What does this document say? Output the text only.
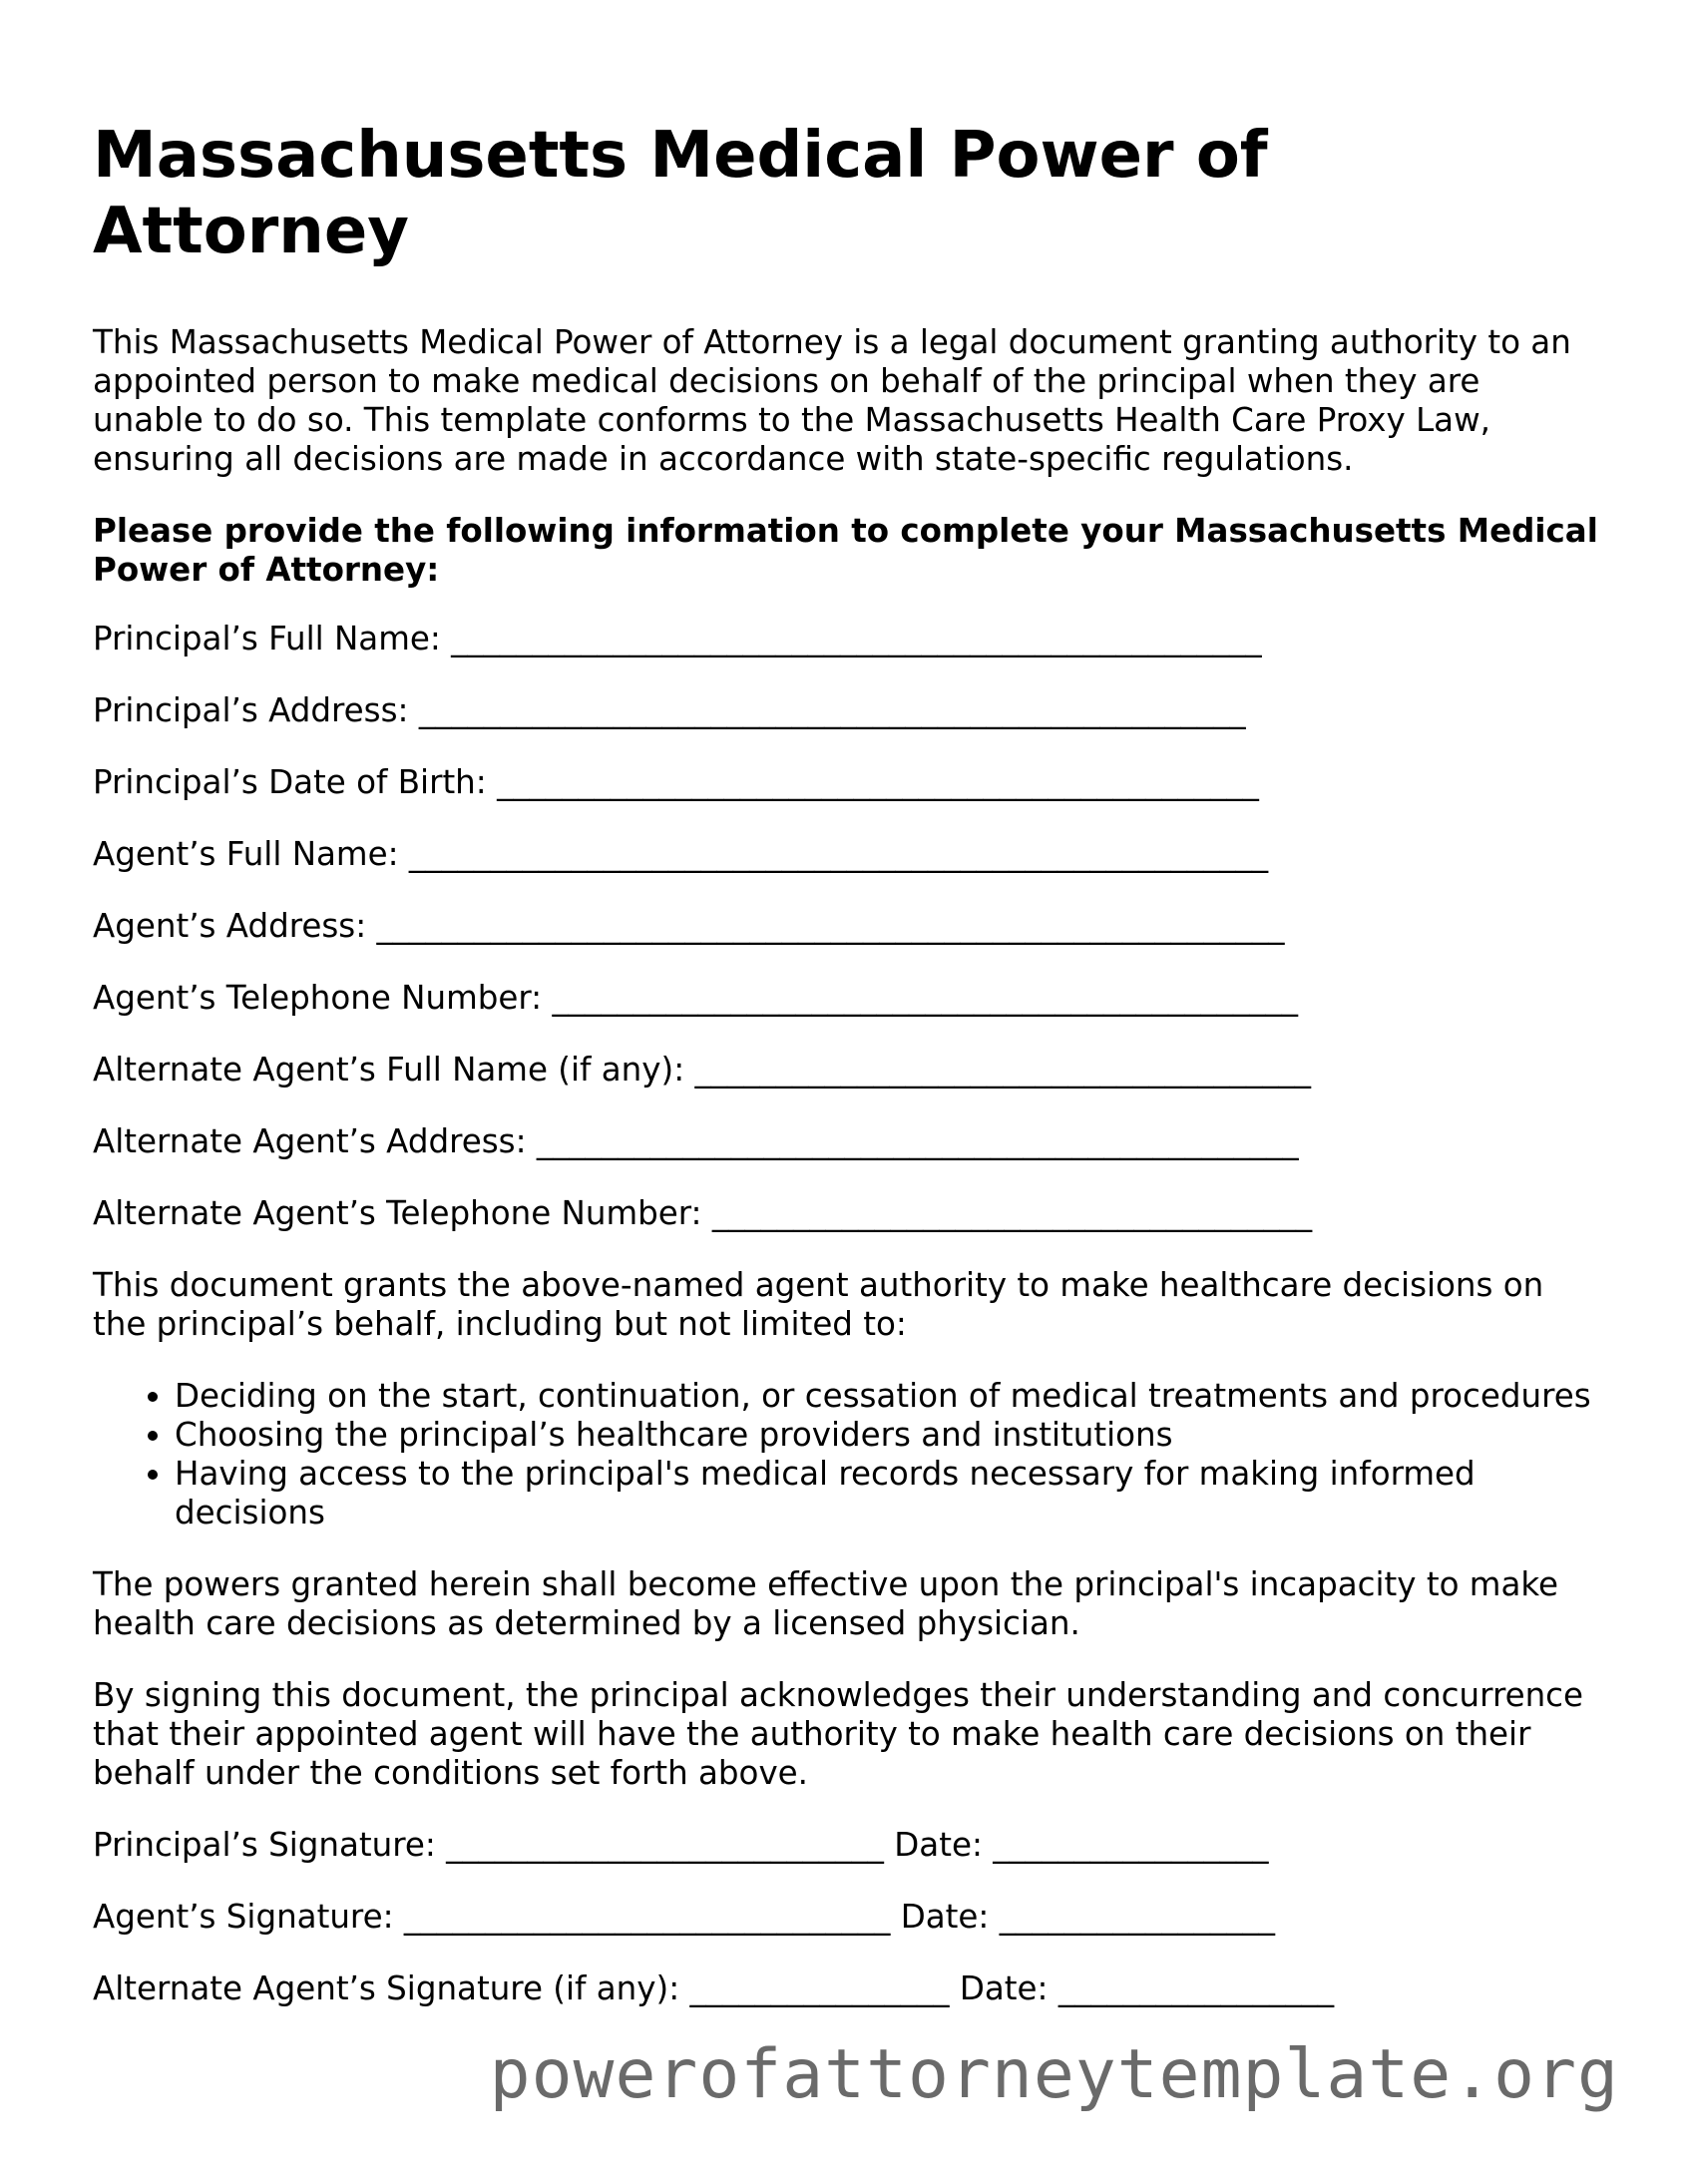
Massachusetts Medical Power of Attorney

This Massachusetts Medical Power of Attorney is a legal document granting authority to an appointed person to make medical decisions on behalf of the principal when they are unable to do so. This template conforms to the Massachusetts Health Care Proxy Law, ensuring all decisions are made in accordance with state-specific regulations.

Please provide the following information to complete your Massachusetts Medical Power of Attorney:

Principal’s Full Name: __________________________________________________

Principal’s Address: ___________________________________________________

Principal’s Date of Birth: _______________________________________________

Agent’s Full Name: _____________________________________________________

Agent’s Address: ________________________________________________________

Agent’s Telephone Number: ______________________________________________

Alternate Agent’s Full Name (if any): ______________________________________

Alternate Agent’s Address: _______________________________________________

Alternate Agent’s Telephone Number: _____________________________________

This document grants the above-named agent authority to make healthcare decisions on the principal’s behalf, including but not limited to:

• Deciding on the start, continuation, or cessation of medical treatments and procedures
• Choosing the principal’s healthcare providers and institutions
• Having access to the principal's medical records necessary for making informed decisions

The powers granted herein shall become effective upon the principal's incapacity to make health care decisions as determined by a licensed physician.

By signing this document, the principal acknowledges their understanding and concurrence that their appointed agent will have the authority to make health care decisions on their behalf under the conditions set forth above.

Principal’s Signature: ___________________________ Date: _________________

Agent’s Signature: ______________________________ Date: _________________

Alternate Agent’s Signature (if any): ________________ Date: _________________

powerofattorneytemplate.org
